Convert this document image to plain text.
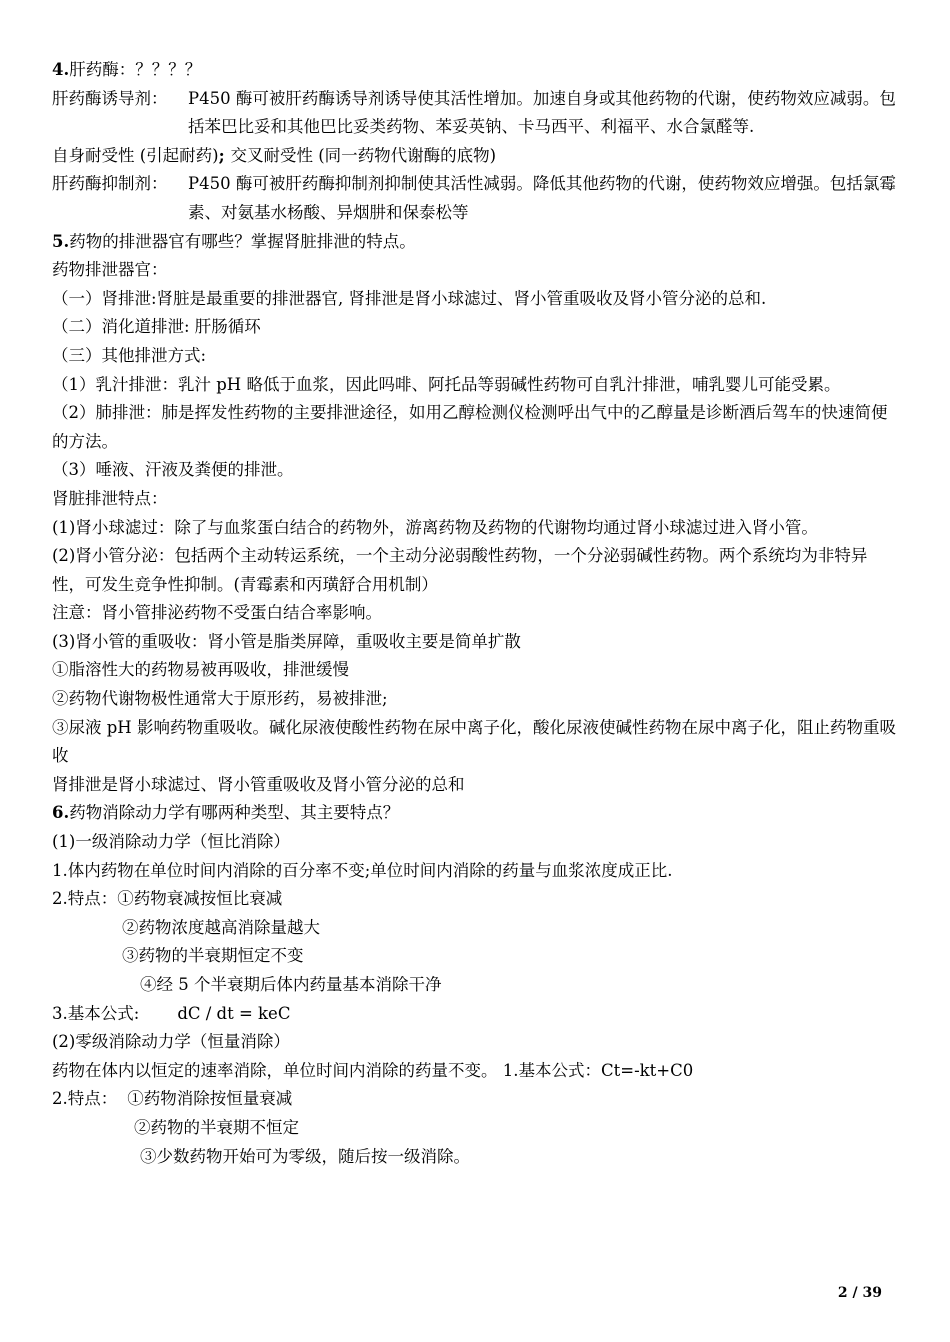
4.肝药酶：？？？？
肝药酶诱导剂：	P450 酶可被肝药酶诱导剂诱导使其活性增加。加速自身或其他药物的代谢，使药物效应减弱。包括苯巴比妥和其他巴比妥类药物、苯妥英钠、卡马西平、利福平、水合氯醛等.
自身耐受性 (引起耐药); 交叉耐受性 (同一药物代谢酶的底物)
肝药酶抑制剂：	P450 酶可被肝药酶抑制剂抑制使其活性减弱。降低其他药物的代谢，使药物效应增强。包括氯霉素、对氨基水杨酸、异烟肼和保泰松等
5.药物的排泄器官有哪些？掌握肾脏排泄的特点。
药物排泄器官：
（一）肾排泄:肾脏是最重要的排泄器官, 肾排泄是肾小球滤过、肾小管重吸收及肾小管分泌的总和.
（二）消化道排泄: 肝肠循环
（三）其他排泄方式:
（1）乳汁排泄：乳汁 pH 略低于血浆，因此吗啡、阿托品等弱碱性药物可自乳汁排泄，哺乳婴儿可能受累。
（2）肺排泄：肺是挥发性药物的主要排泄途径，如用乙醇检测仪检测呼出气中的乙醇量是诊断酒后驾车的快速简便的方法。
（3）唾液、汗液及粪便的排泄。
肾脏排泄特点：
(1)肾小球滤过：除了与血浆蛋白结合的药物外，游离药物及药物的代谢物均通过肾小球滤过进入肾小管。
(2)肾小管分泌：包括两个主动转运系统，一个主动分泌弱酸性药物，一个分泌弱碱性药物。两个系统均为非特异性，可发生竞争性抑制。(青霉素和丙璜舒合用机制）
注意：肾小管排泌药物不受蛋白结合率影响。
(3)肾小管的重吸收：肾小管是脂类屏障，重吸收主要是简单扩散
①脂溶性大的药物易被再吸收，排泄缓慢
②药物代谢物极性通常大于原形药，易被排泄;
③尿液 pH 影响药物重吸收。碱化尿液使酸性药物在尿中离子化，酸化尿液使碱性药物在尿中离子化，阻止药物重吸收
肾排泄是肾小球滤过、肾小管重吸收及肾小管分泌的总和
6.药物消除动力学有哪两种类型、其主要特点？
(1)一级消除动力学（恒比消除）
1.体内药物在单位时间内消除的百分率不变;单位时间内消除的药量与血浆浓度成正比.
2.特点：①药物衰减按恒比衰减
②药物浓度越高消除量越大
③药物的半衰期恒定不变
④经 5 个半衰期后体内药量基本消除干净
3.基本公式: dC / dt = keC
(2)零级消除动力学（恒量消除）
药物在体内以恒定的速率消除，单位时间内消除的药量不变。 1.基本公式：Ct=-kt+C0
2.特点： ①药物消除按恒量衰减
②药物的半衰期不恒定
③少数药物开始可为零级，随后按一级消除。
2 / 39
